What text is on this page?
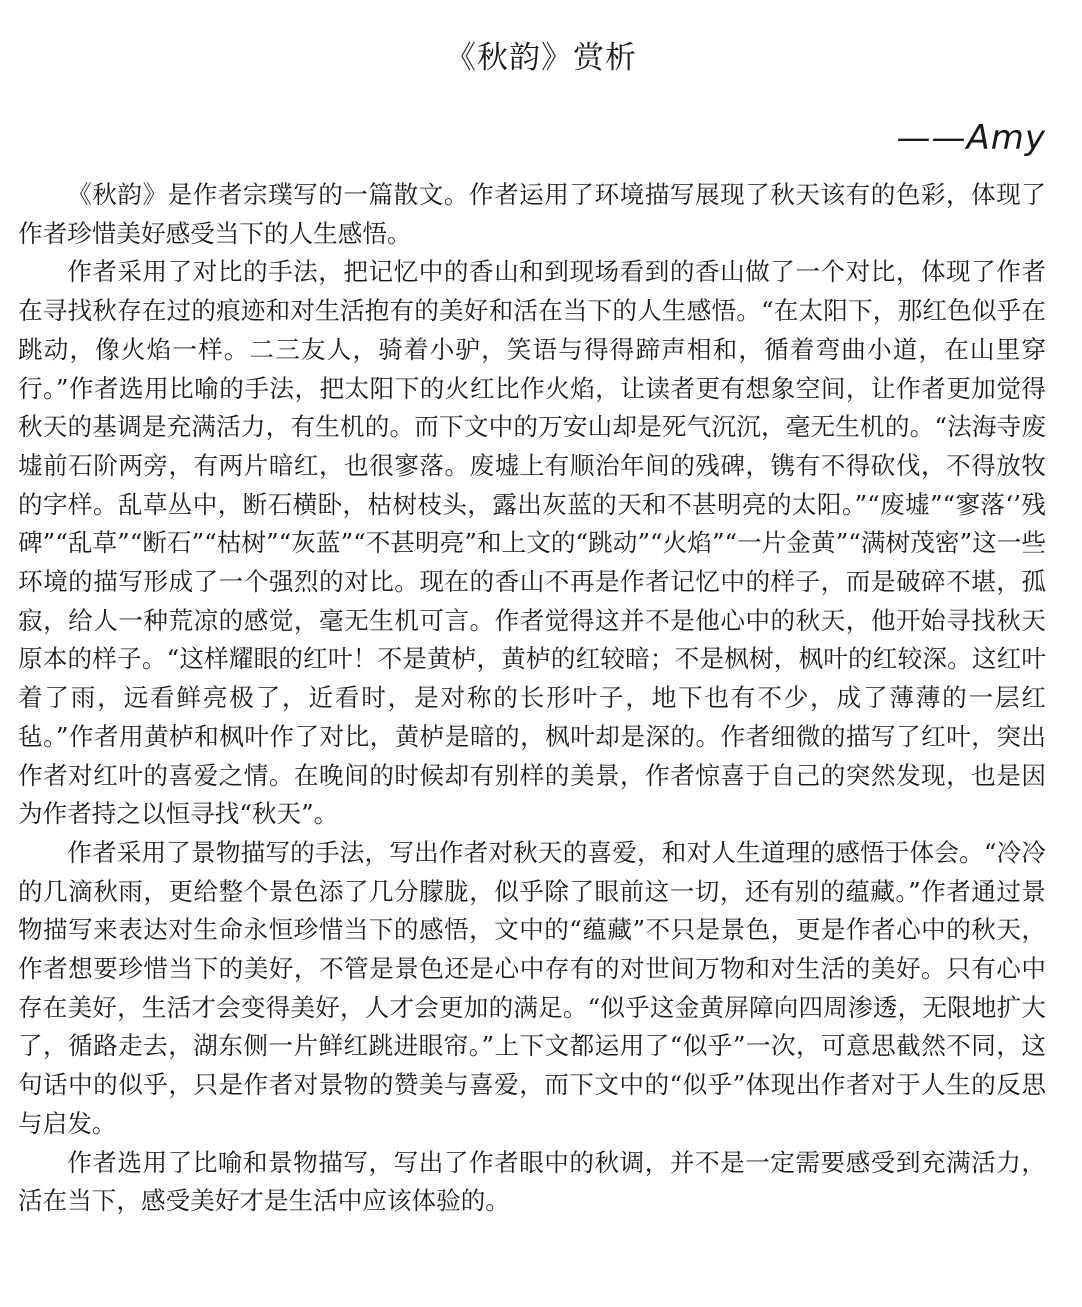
《秋韵》赏析
——Amy

《秋韵》是作者宗璞写的一篇散文。作者运用了环境描写展现了秋天该有的色彩，体现了作者珍惜美好感受当下的人生感悟。

作者采用了对比的手法，把记忆中的香山和到现场看到的香山做了一个对比，体现了作者在寻找秋存在过的痕迹和对生活抱有的美好和活在当下的人生感悟。“在太阳下，那红色似乎在跳动，像火焰一样。二三友人，骑着小驴，笑语与得得蹄声相和，循着弯曲小道，在山里穿行。”作者选用比喻的手法，把太阳下的火红比作火焰，让读者更有想象空间，让作者更加觉得秋天的基调是充满活力，有生机的。而下文中的万安山却是死气沉沉，毫无生机的。“法海寺废墟前石阶两旁，有两片暗红，也很寥落。废墟上有顺治年间的残碑，镌有不得砍伐，不得放牧的字样。乱草丛中，断石横卧，枯树枝头，露出灰蓝的天和不甚明亮的太阳。”“废墟”“寥落‘’残碑”“乱草”“断石”“枯树”“灰蓝”“不甚明亮”和上文的“跳动”“火焰”“一片金黄”“满树茂密”这一些环境的描写形成了一个强烈的对比。现在的香山不再是作者记忆中的样子，而是破碎不堪，孤寂，给人一种荒凉的感觉，毫无生机可言。作者觉得这并不是他心中的秋天，他开始寻找秋天原本的样子。“这样耀眼的红叶！不是黄栌，黄栌的红较暗；不是枫树，枫叶的红较深。这红叶着了雨，远看鲜亮极了，近看时，是对称的长形叶子，地下也有不少，成了薄薄的一层红毡。”作者用黄栌和枫叶作了对比，黄栌是暗的，枫叶却是深的。作者细微的描写了红叶，突出作者对红叶的喜爱之情。在晚间的时候却有别样的美景，作者惊喜于自己的突然发现，也是因为作者持之以恒寻找“秋天”。

作者采用了景物描写的手法，写出作者对秋天的喜爱，和对人生道理的感悟于体会。“冷冷的几滴秋雨，更给整个景色添了几分朦胧，似乎除了眼前这一切，还有别的蕴藏。”作者通过景物描写来表达对生命永恒珍惜当下的感悟，文中的“蕴藏”不只是景色，更是作者心中的秋天，作者想要珍惜当下的美好，不管是景色还是心中存有的对世间万物和对生活的美好。只有心中存在美好，生活才会变得美好，人才会更加的满足。“似乎这金黄屏障向四周渗透，无限地扩大了，循路走去，湖东侧一片鲜红跳进眼帘。”上下文都运用了“似乎”一次，可意思截然不同，这句话中的似乎，只是作者对景物的赞美与喜爱，而下文中的“似乎”体现出作者对于人生的反思与启发。

作者选用了比喻和景物描写，写出了作者眼中的秋调，并不是一定需要感受到充满活力，活在当下，感受美好才是生活中应该体验的。
